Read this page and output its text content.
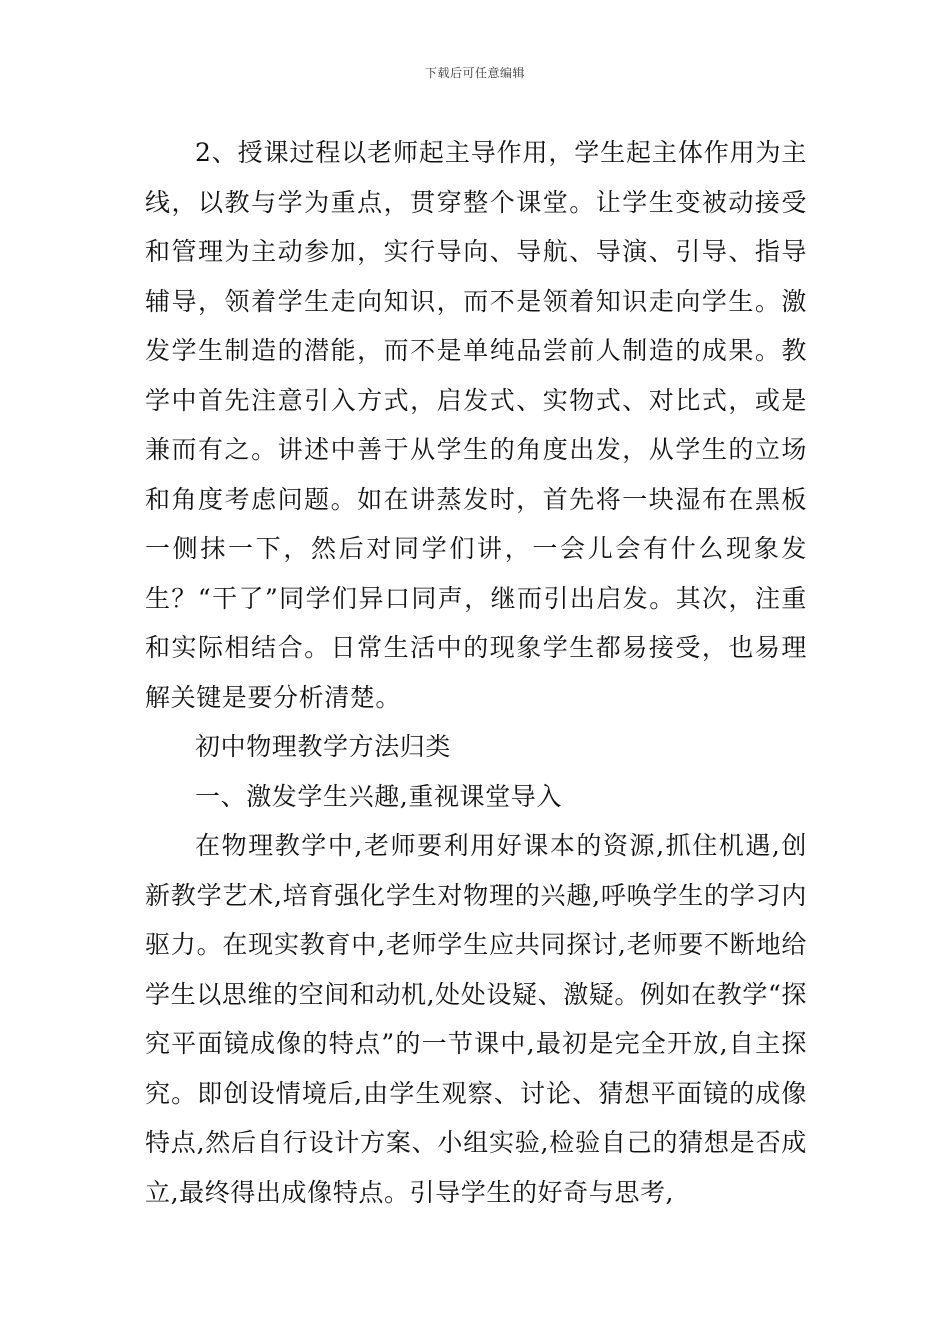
下载后可任意编辑

2、授课过程以老师起主导作用，学生起主体作用为主线，以教与学为重点，贯穿整个课堂。让学生变被动接受和管理为主动参加，实行导向、导航、导演、引导、指导辅导，领着学生走向知识，而不是领着知识走向学生。激发学生制造的潜能，而不是单纯品尝前人制造的成果。教学中首先注意引入方式，启发式、实物式、对比式，或是兼而有之。讲述中善于从学生的角度出发，从学生的立场和角度考虑问题。如在讲蒸发时，首先将一块湿布在黑板一侧抹一下，然后对同学们讲，一会儿会有什么现象发生？“干了”同学们异口同声，继而引出启发。其次，注重和实际相结合。日常生活中的现象学生都易接受，也易理解关键是要分析清楚。

初中物理教学方法归类

一、激发学生兴趣,重视课堂导入

在物理教学中,老师要利用好课本的资源,抓住机遇,创新教学艺术,培育强化学生对物理的兴趣,呼唤学生的学习内驱力。在现实教育中,老师学生应共同探讨,老师要不断地给学生以思维的空间和动机,处处设疑、激疑。例如在教学“探究平面镜成像的特点”的一节课中,最初是完全开放,自主探究。即创设情境后,由学生观察、讨论、猜想平面镜的成像特点,然后自行设计方案、小组实验,检验自己的猜想是否成立,最终得出成像特点。引导学生的好奇与思考,
